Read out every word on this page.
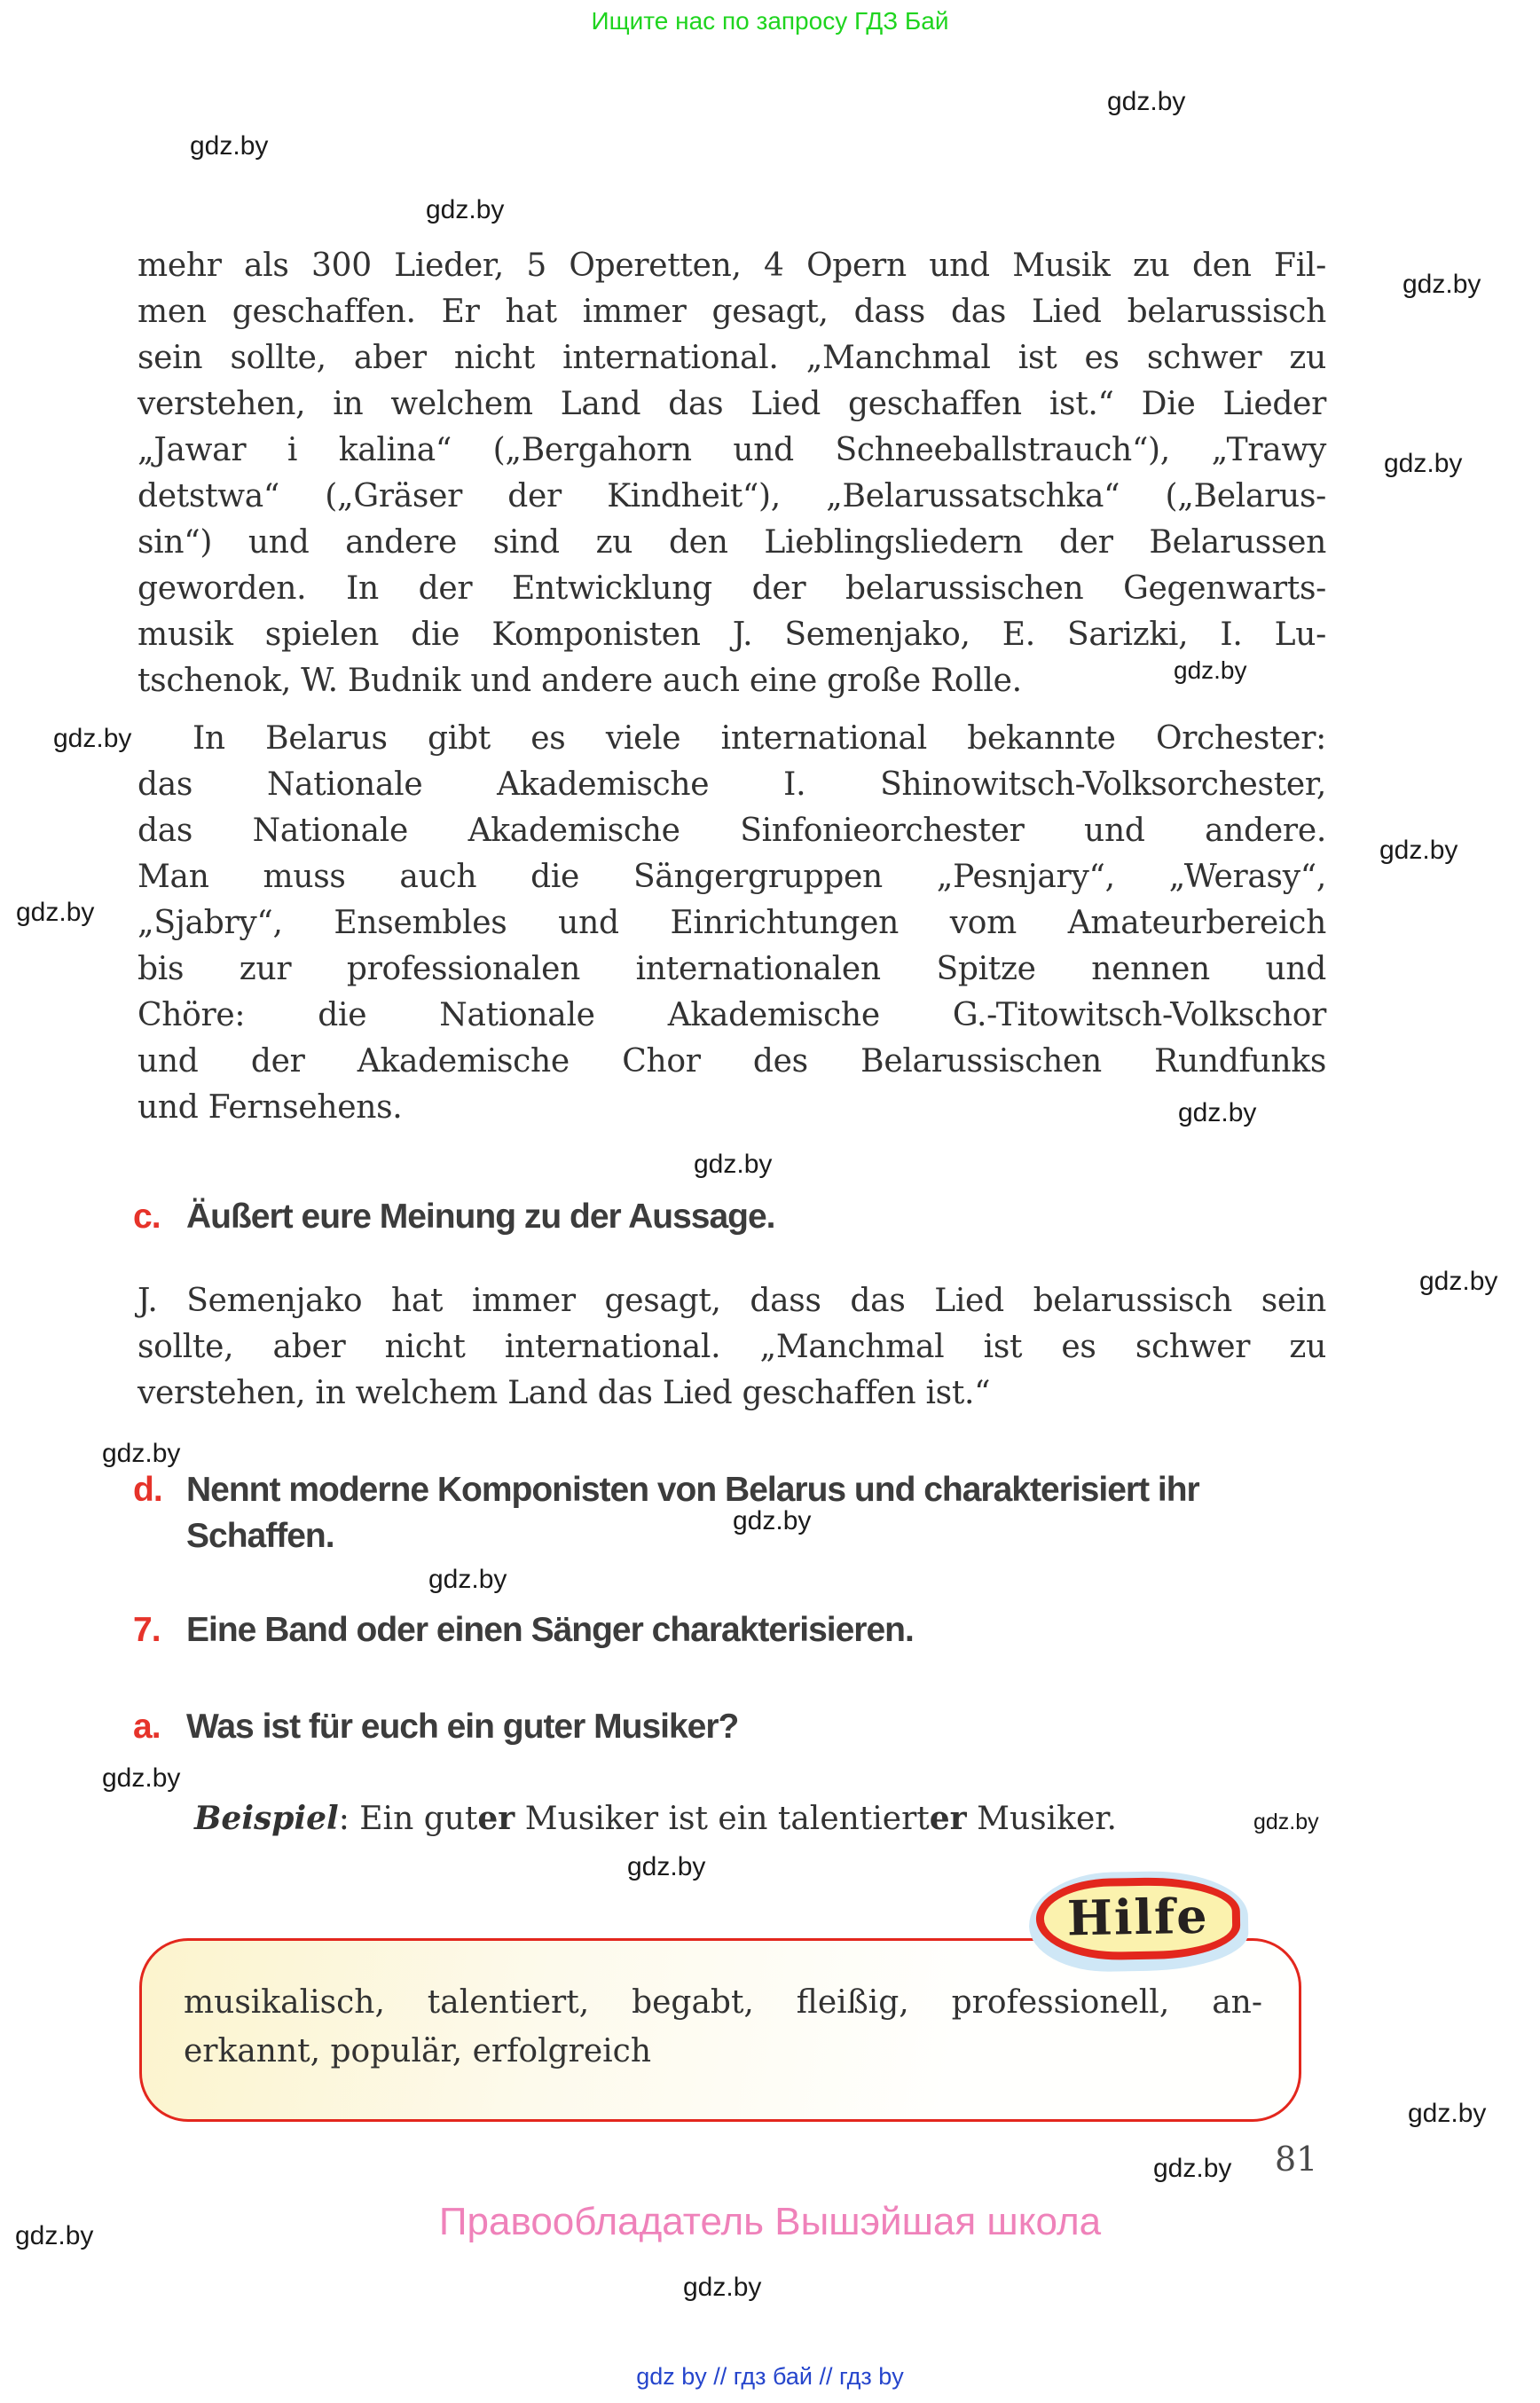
Ищите нас по запросу ГДЗ Бай
gdz.by
gdz.by
gdz.by
gdz.by
gdz.by
gdz.by
gdz.by
gdz.by
gdz.by
gdz.by
gdz.by
gdz.by
gdz.by
gdz.by
gdz.by
gdz.by
gdz.by
gdz.by
gdz.by
gdz.by
gdz.by
gdz.by
mehr als 300 Lieder, 5 Operetten, 4 Opern und Musik zu den Fil-
men geschaffen. Er hat immer gesagt, dass das Lied belarussisch
sein sollte, aber nicht international. „Manchmal ist es schwer zu
verstehen, in welchem Land das Lied geschaffen ist.“ Die Lieder
„Jawar i kalina“ („Bergahorn und Schneeballstrauch“), „Trawy
detstwa“ („Gräser der Kindheit“), „Belarussatschka“ („Belarus-
sin“) und andere sind zu den Lieblingsliedern der Belarussen
geworden. In der Entwicklung der belarussischen Gegenwarts-
musik spielen die Komponisten J. Semenjako, E. Sarizki, I. Lu-
tschenok, W. Budnik und andere auch eine große Rolle.
In Belarus gibt es viele international bekannte Orchester:
das Nationale Akademische I. Shinowitsch-Volksorchester,
das Nationale Akademische Sinfonieorchester und andere.
Man muss auch die Sängergruppen „Pesnjary“, „Werasy“,
„Sjabry“, Ensembles und Einrichtungen vom Amateurbereich
bis zur professionalen internationalen Spitze nennen und
Chöre: die Nationale Akademische G.-Titowitsch-Volkschor
und der Akademische Chor des Belarussischen Rundfunks
und Fernsehens.
c. Äußert eure Meinung zu der Aussage.
J. Semenjako hat immer gesagt, dass das Lied belarussisch sein
sollte, aber nicht international. „Manchmal ist es schwer zu
verstehen, in welchem Land das Lied geschaffen ist.“
d. Nennt moderne Komponisten von Belarus und charakterisiert ihr
Schaffen.
7. Eine Band oder einen Sänger charakterisieren.
a. Was ist für euch ein guter Musiker?
Beispiel: Ein guter Musiker ist ein talentierter Musiker.
Hilfe
musikalisch, talentiert, begabt, fleißig, professionell, an-
erkannt, populär, erfolgreich
81
Правообладатель Вышэйшая школа
gdz by // гдз бай // гдз by
